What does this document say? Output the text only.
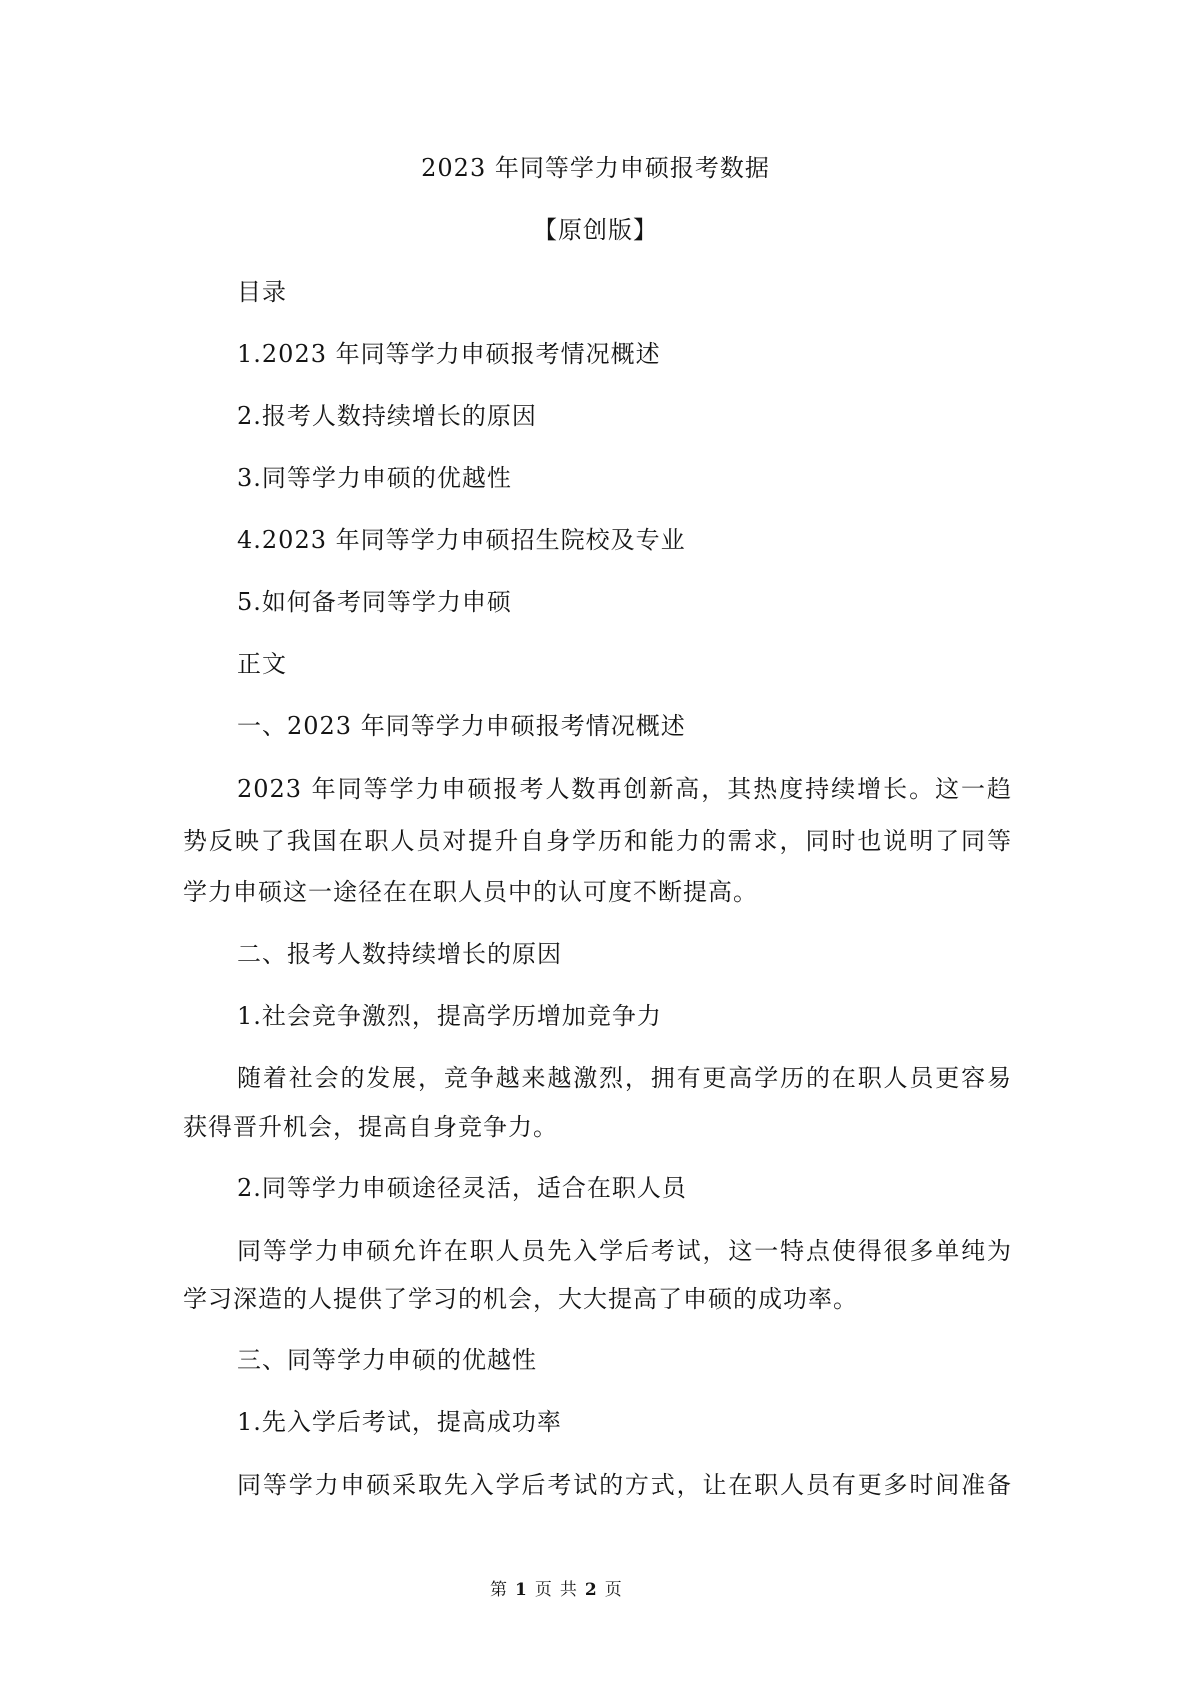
2023 年同等学力申硕报考数据
【原创版】
目录
1.2023 年同等学力申硕报考情况概述
2.报考人数持续增长的原因
3.同等学力申硕的优越性
4.2023 年同等学力申硕招生院校及专业
5.如何备考同等学力申硕
正文
一、2023 年同等学力申硕报考情况概述
2023 年同等学力申硕报考人数再创新高，其热度持续增长。这一趋
势反映了我国在职人员对提升自身学历和能力的需求，同时也说明了同等
学力申硕这一途径在在职人员中的认可度不断提高。
二、报考人数持续增长的原因
1.社会竞争激烈，提高学历增加竞争力
随着社会的发展，竞争越来越激烈，拥有更高学历的在职人员更容易
获得晋升机会，提高自身竞争力。
2.同等学力申硕途径灵活，适合在职人员
同等学力申硕允许在职人员先入学后考试，这一特点使得很多单纯为
学习深造的人提供了学习的机会，大大提高了申硕的成功率。
三、同等学力申硕的优越性
1.先入学后考试，提高成功率
同等学力申硕采取先入学后考试的方式，让在职人员有更多时间准备
第 1 页 共 2 页
